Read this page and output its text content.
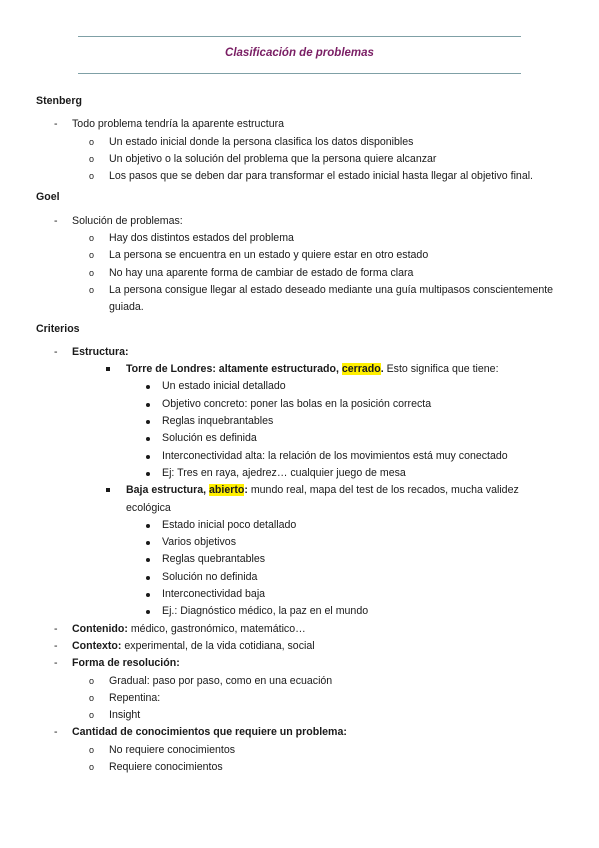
Clasificación de problemas
Stenberg
- Todo problema tendría la aparente estructura
o Un estado inicial donde la persona clasifica los datos disponibles
o Un objetivo o la solución del problema que la persona quiere alcanzar
o Los pasos que se deben dar para transformar el estado inicial hasta llegar al objetivo final.
Goel
- Solución de problemas:
o Hay dos distintos estados del problema
o La persona se encuentra en un estado y quiere estar en otro estado
o No hay una aparente forma de cambiar de estado de forma clara
o La persona consigue llegar al estado deseado mediante una guía multipasos conscientemente guiada.
Criterios
- Estructura:
Torre de Londres: altamente estructurado, cerrado. Esto significa que tiene:
Un estado inicial detallado
Objetivo concreto: poner las bolas en la posición correcta
Reglas inquebrantables
Solución es definida
Interconectividad alta: la relación de los movimientos está muy conectado
Ej: Tres en raya, ajedrez… cualquier juego de mesa
Baja estructura, abierto: mundo real, mapa del test de los recados, mucha validez ecológica
Estado inicial poco detallado
Varios objetivos
Reglas quebrantables
Solución no definida
Interconectividad baja
Ej.: Diagnóstico médico, la paz en el mundo
- Contenido: médico, gastronómico, matemático…
- Contexto: experimental, de la vida cotidiana, social
- Forma de resolución:
o Gradual: paso por paso, como en una ecuación
o Repentina:
o Insight
- Cantidad de conocimientos que requiere un problema:
o No requiere conocimientos
o Requiere conocimientos
